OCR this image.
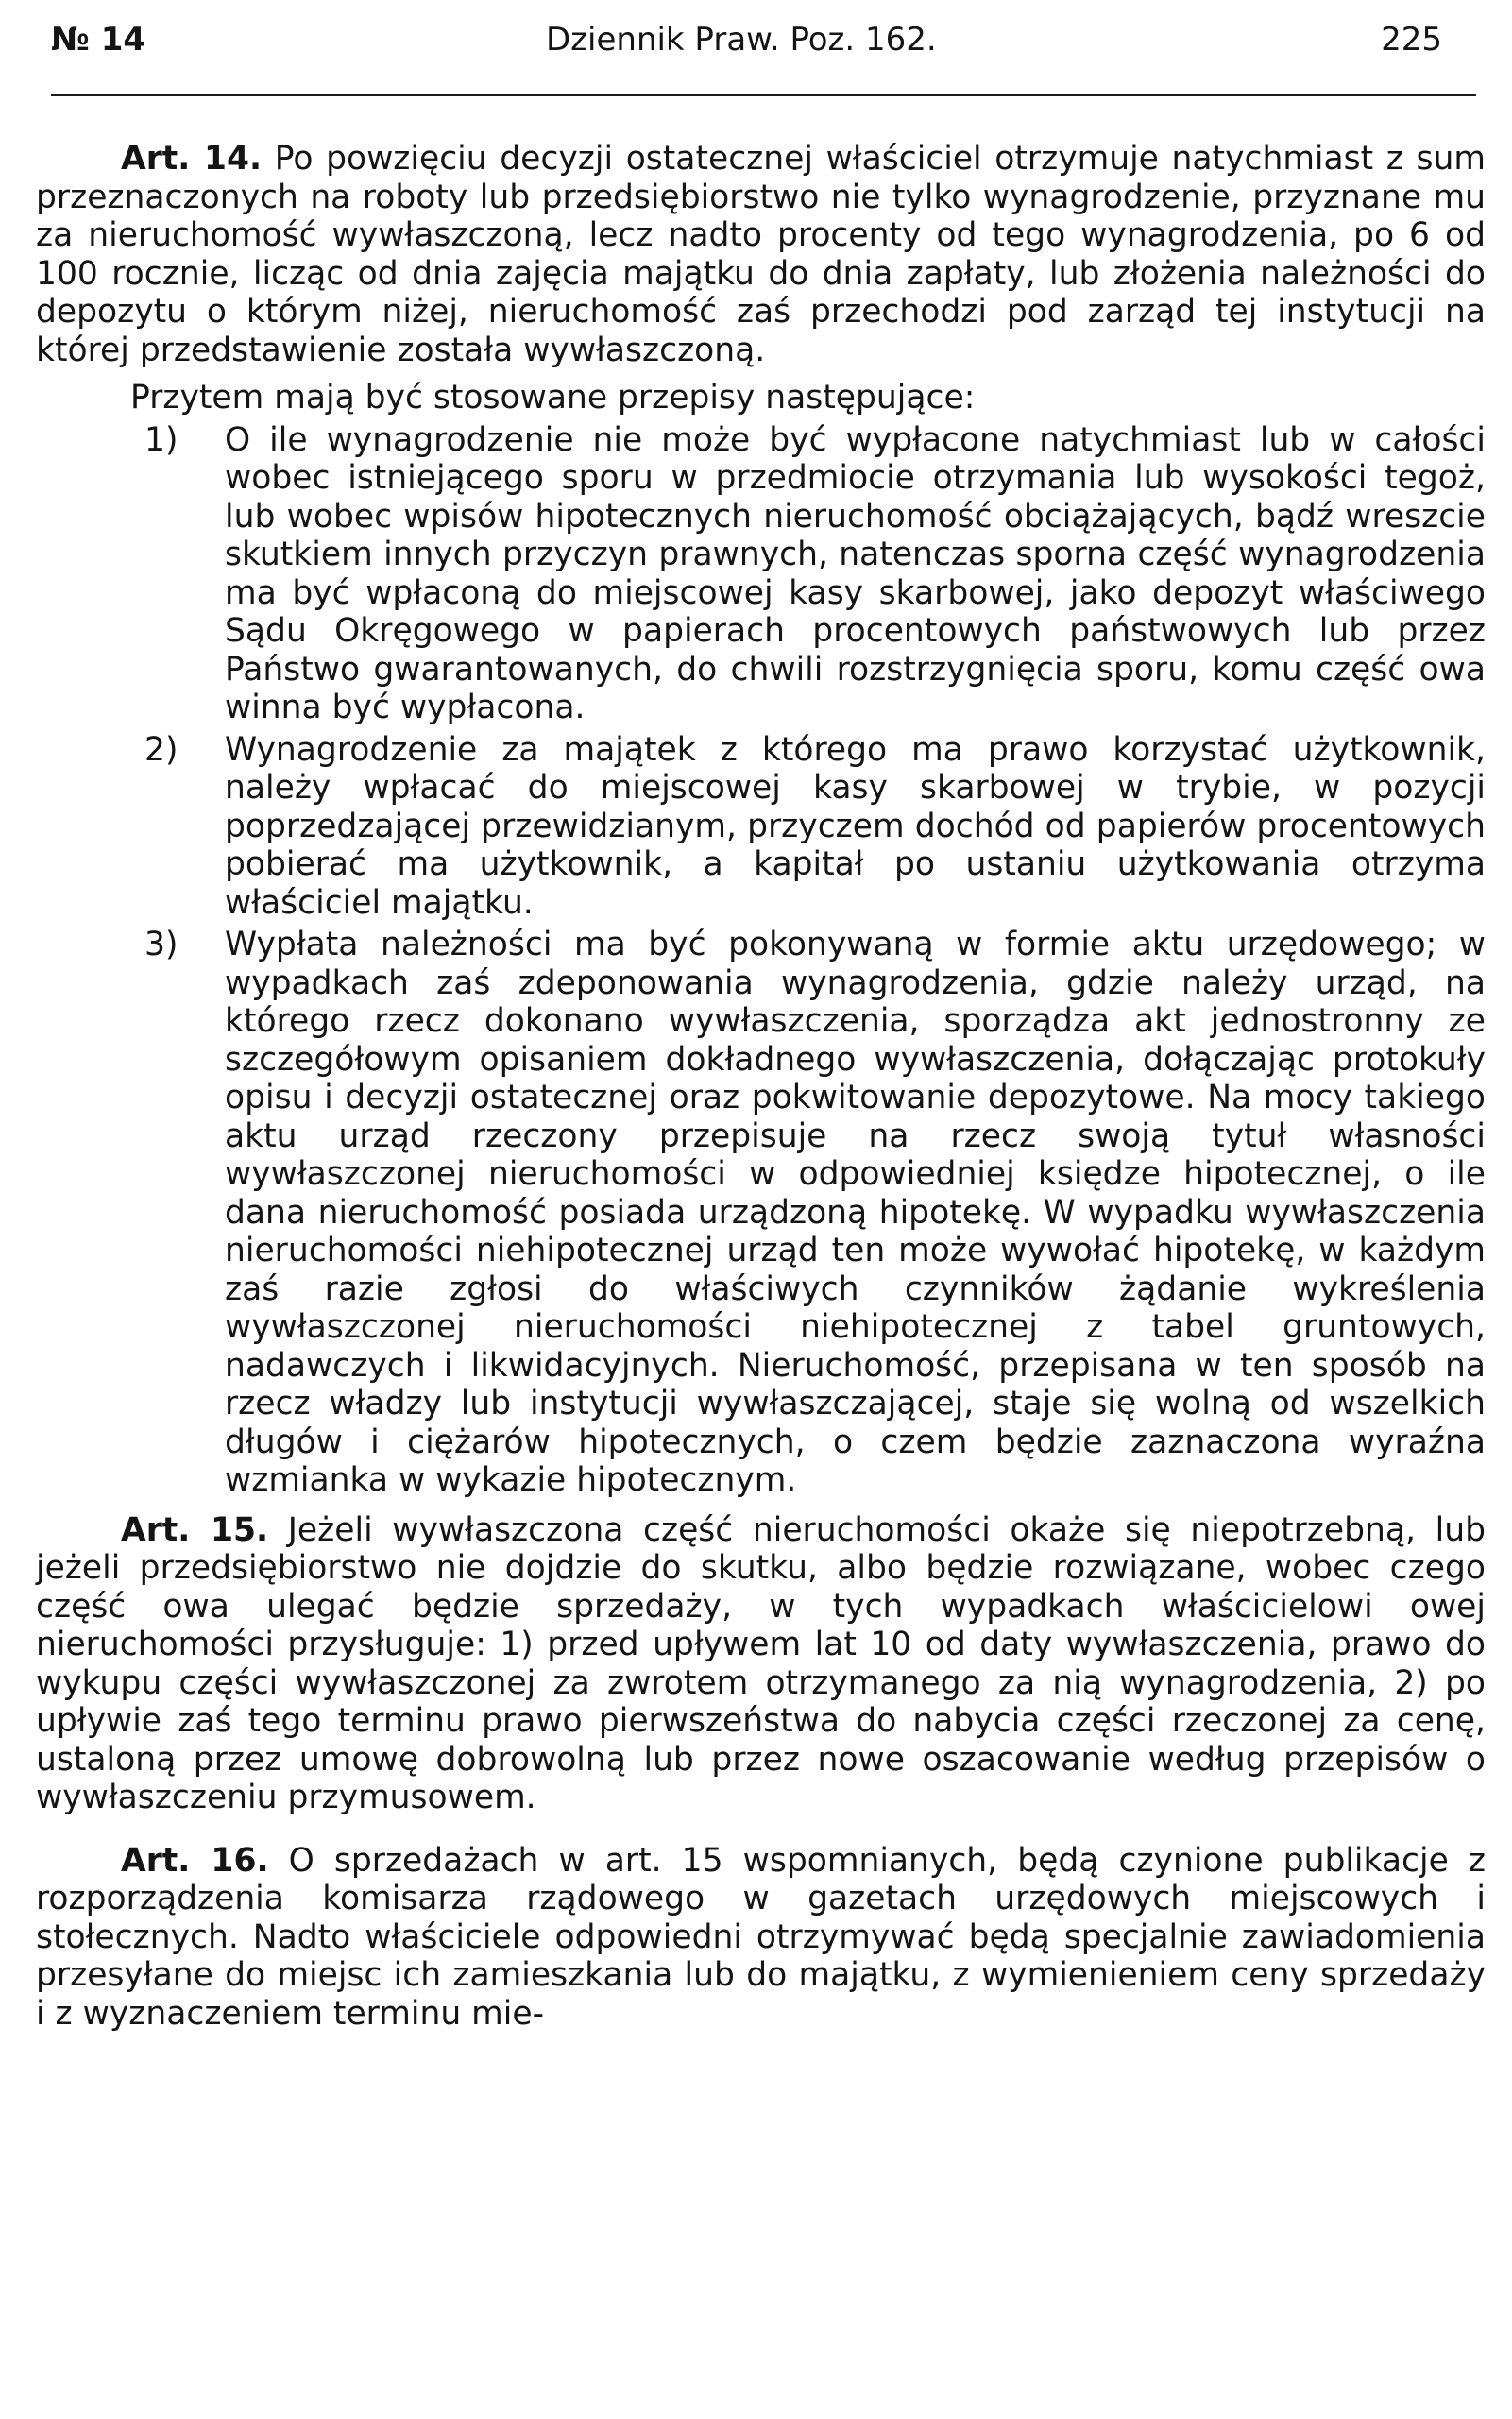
№ 14	Dziennik Praw. Poz. 162.	225

Art. 14. Po powzięciu decyzji ostatecznej właściciel otrzymuje natychmiast z sum przeznaczonych na roboty lub przedsiębiorstwo nie tylko wynagrodzenie, przyznane mu za nieruchomość wywłaszczoną, lecz nadto procenty od tego wynagrodzenia, po 6 od 100 rocznie, licząc od dnia zajęcia majątku do dnia zapłaty, lub złożenia należności do depozytu o którym niżej, nieruchomość zaś przechodzi pod zarząd tej instytucji na której przedstawienie została wywłaszczoną.

Przytem mają być stosowane przepisy następujące:

1) O ile wynagrodzenie nie może być wypłacone natychmiast lub w całości wobec istniejącego sporu w przedmiocie otrzymania lub wysokości tegoż, lub wobec wpisów hipotecznych nieruchomość obciążających, bądź wreszcie skutkiem innych przyczyn prawnych, natenczas sporna część wynagrodzenia ma być wpłaconą do miejscowej kasy skarbowej, jako depozyt właściwego Sądu Okręgowego w papierach procentowych państwowych lub przez Państwo gwarantowanych, do chwili rozstrzygnięcia sporu, komu część owa winna być wypłacona.
2) Wynagrodzenie za majątek z którego ma prawo korzystać użytkownik, należy wpłacać do miejscowej kasy skarbowej w trybie, w pozycji poprzedzającej przewidzianym, przyczem dochód od papierów procentowych pobierać ma użytkownik, a kapitał po ustaniu użytkowania otrzyma właściciel majątku.
3) Wypłata należności ma być pokonywaną w formie aktu urzędowego; w wypadkach zaś zdeponowania wynagrodzenia, gdzie należy urząd, na którego rzecz dokonano wywłaszczenia, sporządza akt jednostronny ze szczegółowym opisaniem dokładnego wywłaszczenia, dołączając protokuły opisu i decyzji ostatecznej oraz pokwitowanie depozytowe. Na mocy takiego aktu urząd rzeczony przepisuje na rzecz swoją tytuł własności wywłaszczonej nieruchomości w odpowiedniej księdze hipotecznej, o ile dana nieruchomość posiada urządzoną hipotekę. W wypadku wywłaszczenia nieruchomości niehipotecznej urząd ten może wywołać hipotekę, w każdym zaś razie zgłosi do właściwych czynników żądanie wykreślenia wywłaszczonej nieruchomości niehipotecznej z tabel gruntowych, nadawczych i likwidacyjnych. Nieruchomość, przepisana w ten sposób na rzecz władzy lub instytucji wywłaszczającej, staje się wolną od wszelkich długów i ciężarów hipotecznych, o czem będzie zaznaczona wyraźna wzmianka w wykazie hipotecznym.

Art. 15. Jeżeli wywłaszczona część nieruchomości okaże się niepotrzebną, lub jeżeli przedsiębiorstwo nie dojdzie do skutku, albo będzie rozwiązane, wobec czego część owa ulegać będzie sprzedaży, w tych wypadkach właścicielowi owej nieruchomości przysługuje: 1) przed upływem lat 10 od daty wywłaszczenia, prawo do wykupu części wywłaszczonej za zwrotem otrzymanego za nią wynagrodzenia, 2) po upływie zaś tego terminu prawo pierwszeństwa do nabycia części rzeczonej za cenę, ustaloną przez umowę dobrowolną lub przez nowe oszacowanie według przepisów o wywłaszczeniu przymusowem.

Art. 16. O sprzedażach w art. 15 wspomnianych, będą czynione publikacje z rozporządzenia komisarza rządowego w gazetach urzędowych miejscowych i stołecznych. Nadto właściciele odpowiedni otrzymywać będą specjalnie zawiadomienia przesyłane do miejsc ich zamieszkania lub do majątku, z wymienieniem ceny sprzedaży i z wyznaczeniem terminu mie-
